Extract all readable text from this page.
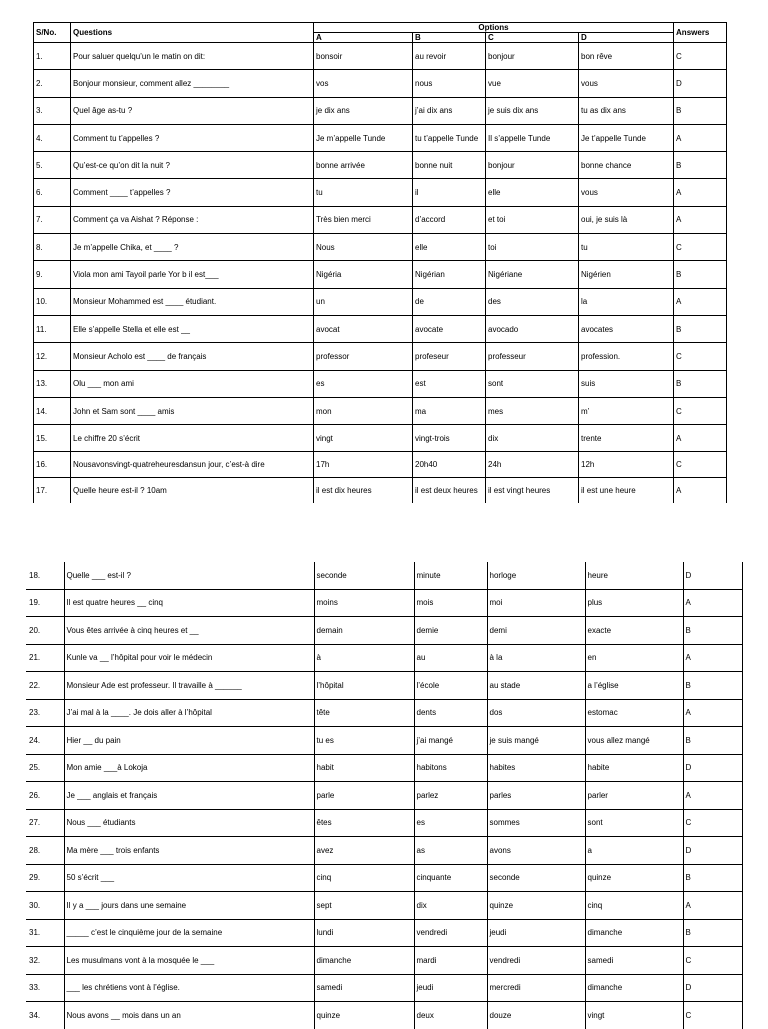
S/No.	Questions	Options				Answers
		A	B	C	D	
1.	Pour saluer quelqu’un le matin on dit:	bonsoir	au revoir	bonjour	bon rêve	C
2.	Bonjour monsieur, comment allez ________	vos	nous	vue	vous	D
3.	Quel âge as-tu ?	je dix ans	j’ai dix ans	je suis dix ans	tu as dix ans	B
4.	Comment tu t’appelles ?	Je m’appelle Tunde	tu t’appelle Tunde	Il s’appelle Tunde	Je t’appelle Tunde	A
5.	Qu’est-ce qu’on dit la nuit ?	bonne arrivée	bonne nuit	bonjour	bonne chance	B
6.	Comment ____ t’appelles ?	tu	il	elle	vous	A
7.	Comment ça va Aishat ? Réponse :	Très bien merci	d’accord	et toi	oui, je suis là	A
8.	Je m’appelle Chika, et ____ ?	Nous	elle	toi	tu	C
9.	Viola mon ami Tayoil parle Yor b il est___	Nigéria	Nigérian	Nigériane	Nigérien	B
10.	Monsieur Mohammed est ____ étudiant.	un	de	des	la	A
11.	Elle s’appelle Stella et elle est __	avocat	avocate	avocado	avocates	B
12.	Monsieur Acholo est ____ de français	professor	profeseur	professeur	profession.	C
13.	Olu ___ mon ami	es	est	sont	suis	B
14.	John et Sam sont ____ amis	mon	ma	mes	m’	C
15.	Le chiffre 20 s’écrit	vingt	vingt-trois	dix	trente	A
16.	Nousavonsvingt-quatreheuresdansun jour, c’est-à dire	17h	20h40	24h	12h	C
17.	Quelle heure est-il ? 10am	il est dix heures	il est deux heures	il est vingt heures	il est une heure	A
18.	Quelle ___ est-il ?	seconde	minute	horloge	heure	D
19.	Il est quatre heures __ cinq	moins	mois	moi	plus	A
20.	Vous êtes arrivée à cinq heures et __	demain	demie	demi	exacte	B
21.	Kunle va __ l’hôpital pour voir le médecin	à	au	à la	en	A
22.	Monsieur Ade est professeur. Il travaille à ______	l’hôpital	l’école	au stade	a l’église	B
23.	J’ai mal à la ____. Je dois aller à l’hôpital	tête	dents	dos	estomac	A
24.	Hier __ du pain	tu es	j’ai mangé	je suis mangé	vous allez mangé	B
25.	Mon amie ___à Lokoja	habit	habitons	habites	habite	D
26.	Je ___ anglais et français	parle	parlez	parles	parler	A
27.	Nous ___ étudiants	êtes	es	sommes	sont	C
28.	Ma mère ___ trois enfants	avez	as	avons	a	D
29.	50 s’écrit ___	cinq	cinquante	seconde	quinze	B
30.	Il y a ___ jours dans une semaine	sept	dix	quinze	cinq	A
31.	_____ c’est le cinquième jour de la semaine	lundi	vendredi	jeudi	dimanche	B
32.	Les musulmans vont à la mosquée le ___	dimanche	mardi	vendredi	samedi	C
33.	___ les chrétiens vont à l’église.	samedi	jeudi	mercredi	dimanche	D
34.	Nous avons __ mois dans un an	quinze	deux	douze	vingt	C
